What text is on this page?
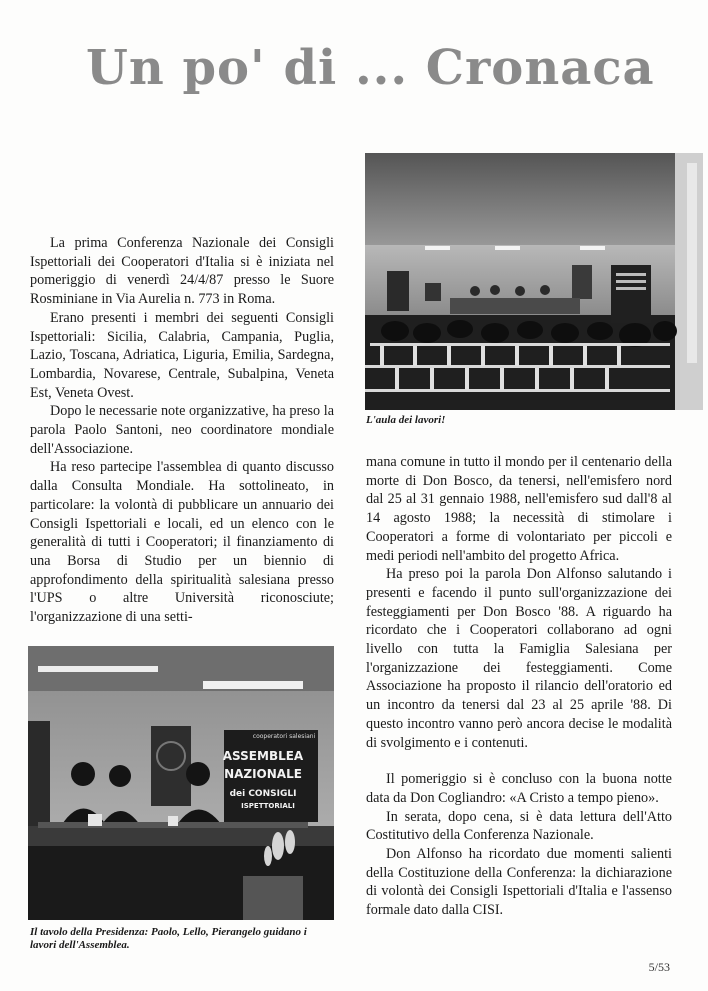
Un po' di ... Cronaca

La prima Conferenza Nazionale dei Consigli Ispettoriali dei Cooperatori d'Italia si è iniziata nel pomeriggio di venerdì 24/4/87 presso le Suore Rosminiane in Via Aurelia n. 773 in Roma.

Erano presenti i membri dei seguenti Consigli Ispettoriali: Sicilia, Calabria, Campania, Puglia, Lazio, Toscana, Adriatica, Liguria, Emilia, Sardegna, Lombardia, Novarese, Centrale, Subalpina, Veneta Est, Veneta Ovest.

Dopo le necessarie note organizzative, ha preso la parola Paolo Santoni, neo coordinatore mondiale dell'Associazione.

Ha reso partecipe l'assemblea di quanto discusso dalla Consulta Mondiale. Ha sottolineato, in particolare: la volontà di pubblicare un annuario dei Consigli Ispettoriali e locali, ed un elenco con le generalità di tutti i Cooperatori; il finanziamento di una Borsa di Studio per un biennio di approfondimento della spiritualità salesiana presso l'UPS o altre Università riconosciute; l'organizzazione di una setti-

L'aula dei lavori!

mana comune in tutto il mondo per il centenario della morte di Don Bosco, da tenersi, nell'emisfero nord dal 25 al 31 gennaio 1988, nell'emisfero sud dall'8 al 14 agosto 1988; la necessità di stimolare i Cooperatori a forme di volontariato per piccoli e medi periodi nell'ambito del progetto Africa.

Ha preso poi la parola Don Alfonso salutando i presenti e facendo il punto sull'organizzazione dei festeggiamenti per Don Bosco '88. A riguardo ha ricordato che i Cooperatori collaborano ad ogni livello con tutta la Famiglia Salesiana per l'organizzazione dei festeggiamenti. Come Associazione ha proposto il rilancio dell'oratorio ed un incontro da tenersi dal 23 al 25 aprile '88. Di questo incontro vanno però ancora decise le modalità di svolgimento e i contenuti.

Il pomeriggio si è concluso con la buona notte data da Don Cogliandro: «A Cristo a tempo pieno».

In serata, dopo cena, si è data lettura dell'Atto Costitutivo della Conferenza Nazionale.

Don Alfonso ha ricordato due momenti salienti della Costituzione della Conferenza: la dichiarazione di volontà dei Consigli Ispettoriali d'Italia e l'assenso formale dato dalla CISI.

cooperatori salesiani
ASSEMBLEA
NAZIONALE
dei CONSIGLI
ISPETTORIALI
Il tavolo della Presidenza: Paolo, Lello, Pierangelo guidano i lavori dell'Assemblea.
5/53
